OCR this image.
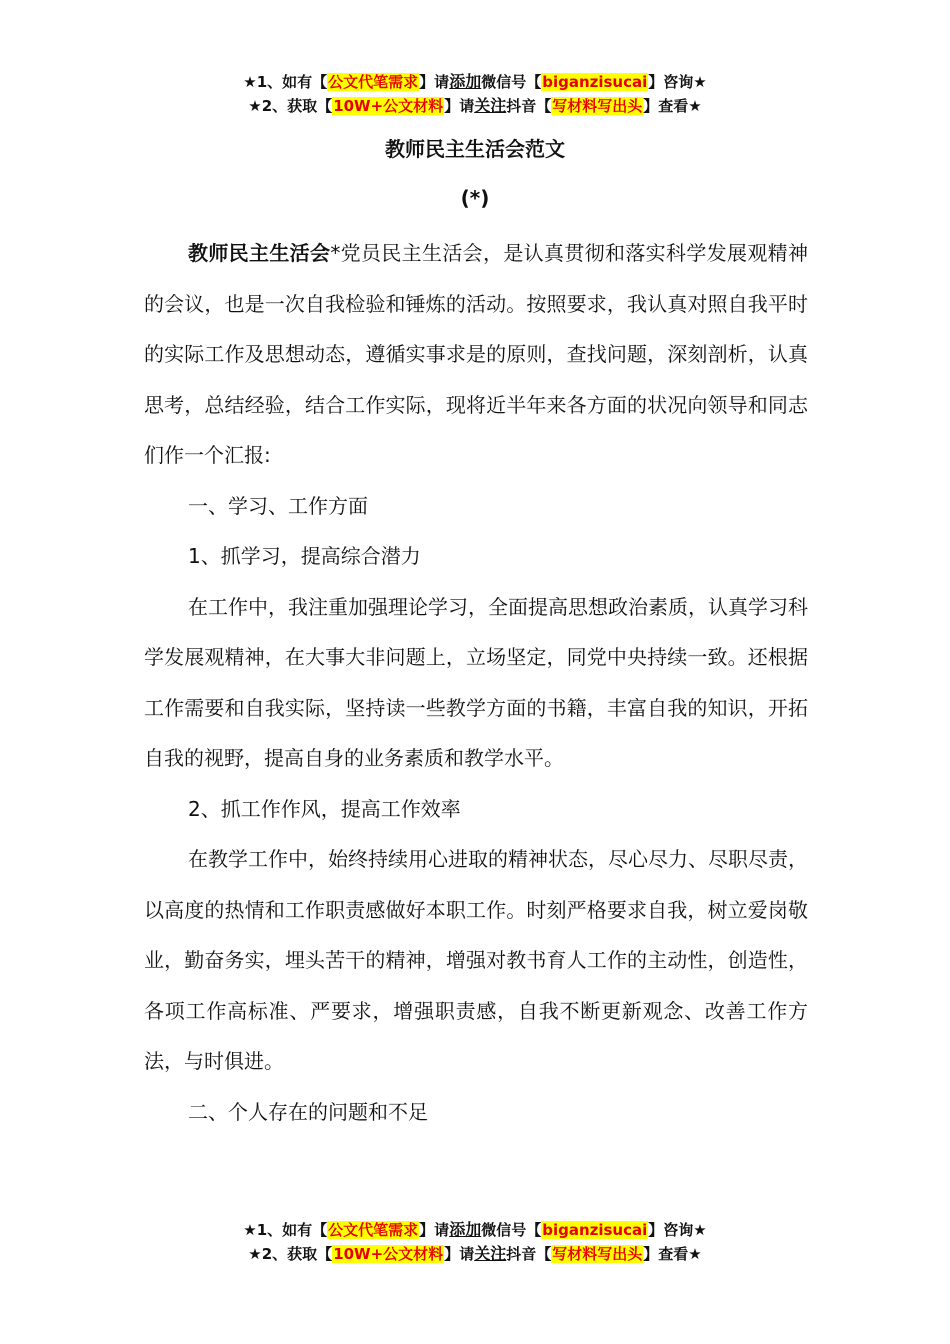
★1、如有【公文代笔需求】请添加微信号【biganzisucai】咨询★
★2、获取【10W+公文材料】请关注抖音【写材料写出头】查看★
教师民主生活会范文
(*)

教师民主生活会*党员民主生活会，是认真贯彻和落实科学发展观精神的会议，也是一次自我检验和锤炼的活动。按照要求，我认真对照自我平时的实际工作及思想动态，遵循实事求是的原则，查找问题，深刻剖析，认真思考，总结经验，结合工作实际，现将近半年来各方面的状况向领导和同志们作一个汇报:

一、学习、工作方面

1、抓学习，提高综合潜力

在工作中，我注重加强理论学习，全面提高思想政治素质，认真学习科学发展观精神，在大事大非问题上，立场坚定，同党中央持续一致。还根据工作需要和自我实际，坚持读一些教学方面的书籍，丰富自我的知识，开拓自我的视野，提高自身的业务素质和教学水平。

2、抓工作作风，提高工作效率

在教学工作中，始终持续用心进取的精神状态，尽心尽力、尽职尽责，以高度的热情和工作职责感做好本职工作。时刻严格要求自我，树立爱岗敬业，勤奋务实，埋头苦干的精神，增强对教书育人工作的主动性，创造性，各项工作高标准、严要求，增强职责感，自我不断更新观念、改善工作方法，与时俱进。

二、个人存在的问题和不足

★1、如有【公文代笔需求】请添加微信号【biganzisucai】咨询★
★2、获取【10W+公文材料】请关注抖音【写材料写出头】查看★
